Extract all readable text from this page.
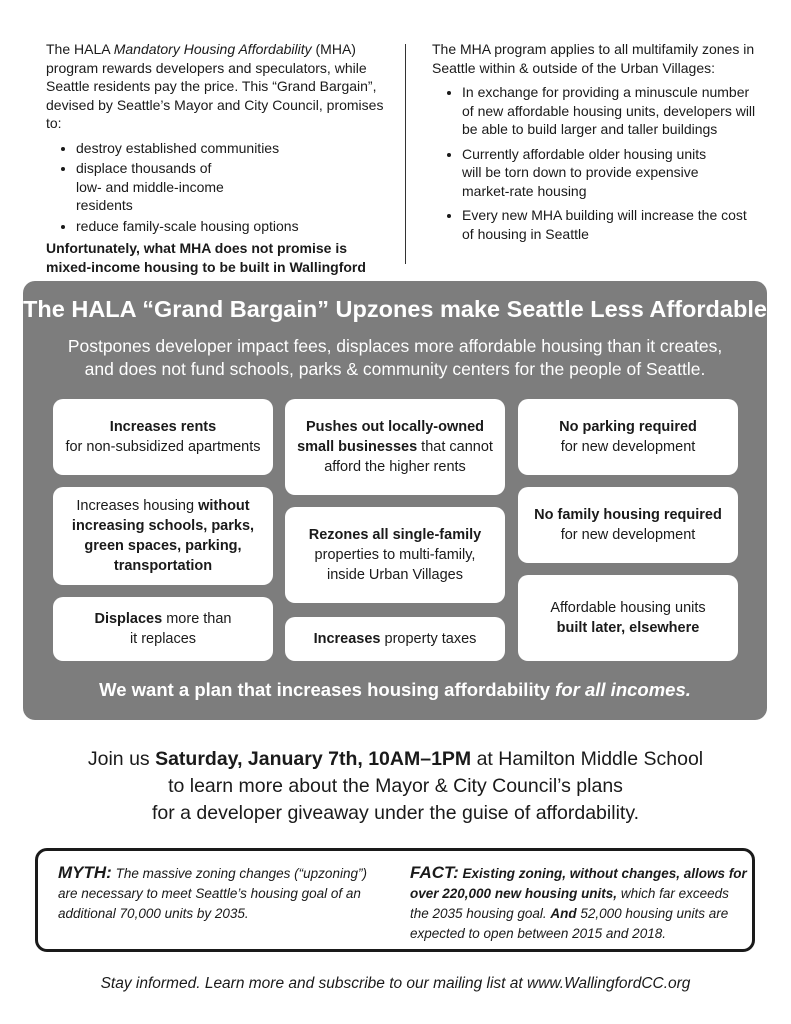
The HALA Mandatory Housing Affordability (MHA) program rewards developers and speculators, while Seattle residents pay the price. This “Grand Bargain”, devised by Seattle’s Mayor and City Council, promises to:

• destroy established communities
• displace thousands of low- and middle-income residents
• reduce family-scale housing options

Unfortunately, what MHA does not promise is mixed-income housing to be built in Wallingford

The MHA program applies to all multifamily zones in Seattle within & outside of the Urban Villages:

• In exchange for providing a minuscule number of new affordable housing units, developers will be able to build larger and taller buildings
• Currently affordable older housing units will be torn down to provide expensive market-rate housing
• Every new MHA building will increase the cost of housing in Seattle
The HALA “Grand Bargain” Upzones make Seattle Less Affordable
Postpones developer impact fees, displaces more affordable housing than it creates,
and does not fund schools, parks & community centers for the people of Seattle.
Increases rents
for non-subsidized apartments
Increases housing without increasing schools, parks, green spaces, parking, transportation
Displaces more than it replaces
Pushes out locally-owned small businesses that cannot afford the higher rents
Rezones all single-family
properties to multi-family, inside Urban Villages
Increases property taxes
No parking required
for new development
No family housing required
for new development
Affordable housing units
built later, elsewhere
We want a plan that increases housing affordability for all incomes.
Join us Saturday, January 7th, 10AM–1PM at Hamilton Middle School
to learn more about the Mayor & City Council’s plans
for a developer giveaway under the guise of affordability.
MYTH: The massive zoning changes (“upzoning”) are necessary to meet Seattle’s housing goal of an additional 70,000 units by 2035.
FACT: Existing zoning, without changes, allows for over 220,000 new housing units, which far exceeds the 2035 housing goal. And 52,000 housing units are expected to open between 2015 and 2018.
Stay informed. Learn more and subscribe to our mailing list at www.WallingfordCC.org
